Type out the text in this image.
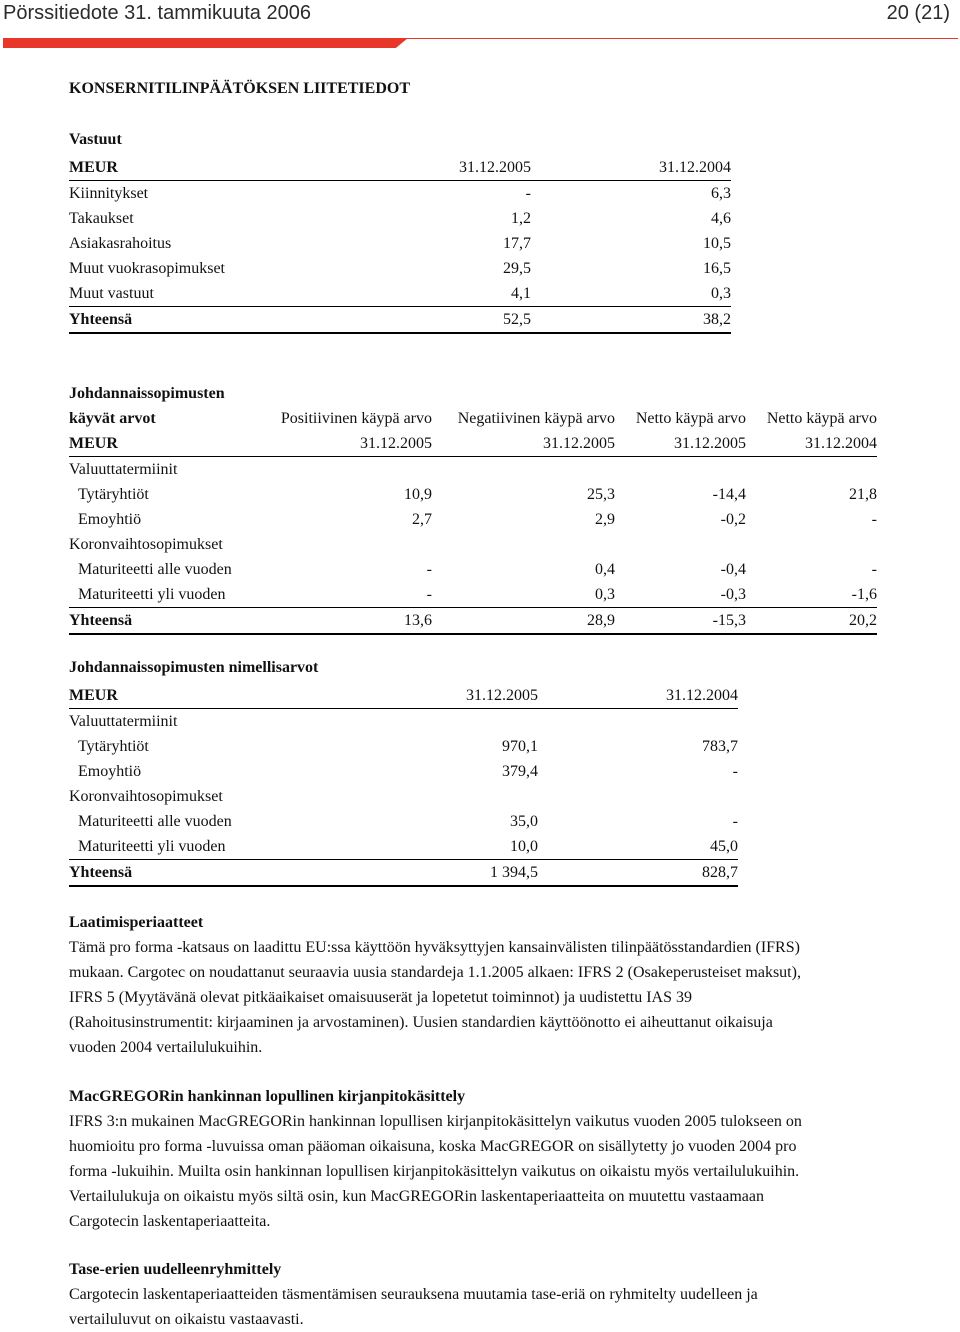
Pörssitiedote 31. tammikuuta 2006	20 (21)
KONSERNITILINPÄÄTÖKSEN LIITETIEDOT
Vastuut
MEUR	31.12.2005	31.12.2004
Kiinnitykset	-	6,3
Takaukset	1,2	4,6
Asiakasrahoitus	17,7	10,5
Muut vuokrasopimukset	29,5	16,5
Muut vastuut	4,1	0,3
Yhteensä	52,5	38,2
Johdannaissopimusten				
käyvät arvot	Positiivinen käypä arvo	Negatiivinen käypä arvo	Netto käypä arvo	Netto käypä arvo
MEUR	31.12.2005	31.12.2005	31.12.2005	31.12.2004
Valuuttatermiinit				
Tytäryhtiöt	10,9	25,3	-14,4	21,8
Emoyhtiö	2,7	2,9	-0,2	-
Koronvaihtosopimukset				
Maturiteetti alle vuoden	-	0,4	-0,4	-
Maturiteetti yli vuoden	-	0,3	-0,3	-1,6
Yhteensä	13,6	28,9	-15,3	20,2
Johdannaissopimusten nimellisarvot
MEUR	31.12.2005	31.12.2004
Valuuttatermiinit		
Tytäryhtiöt	970,1	783,7
Emoyhtiö	379,4	-
Koronvaihtosopimukset		
Maturiteetti alle vuoden	35,0	-
Maturiteetti yli vuoden	10,0	45,0
Yhteensä	1 394,5	828,7
Laatimisperiaatteet
Tämä pro forma -katsaus on laadittu EU:ssa käyttöön hyväksyttyjen kansainvälisten tilinpäätösstandardien (IFRS) mukaan. Cargotec on noudattanut seuraavia uusia standardeja 1.1.2005 alkaen: IFRS 2 (Osakeperusteiset maksut), IFRS 5 (Myytävänä olevat pitkäaikaiset omaisuuserät ja lopetetut toiminnot) ja uudistettu IAS 39 (Rahoitusinstrumentit: kirjaaminen ja arvostaminen). Uusien standardien käyttöönotto ei aiheuttanut oikaisuja vuoden 2004 vertailulukuihin.
MacGREGORin hankinnan lopullinen kirjanpitokäsittely
IFRS 3:n mukainen MacGREGORin hankinnan lopullisen kirjanpitokäsittelyn vaikutus vuoden 2005 tulokseen on huomioitu pro forma -luvuissa oman pääoman oikaisuna, koska MacGREGOR on sisällytetty jo vuoden 2004 pro forma -lukuihin. Muilta osin hankinnan lopullisen kirjanpitokäsittelyn vaikutus on oikaistu myös vertailulukuihin. Vertailulukuja on oikaistu myös siltä osin, kun MacGREGORin laskentaperiaatteita on muutettu vastaamaan Cargotecin laskentaperiaatteita.
Tase-erien uudelleenryhmittely
Cargotecin laskentaperiaatteiden täsmentämisen seurauksena muutamia tase-eriä on ryhmitelty uudelleen ja vertailuluvut on oikaistu vastaavasti.
